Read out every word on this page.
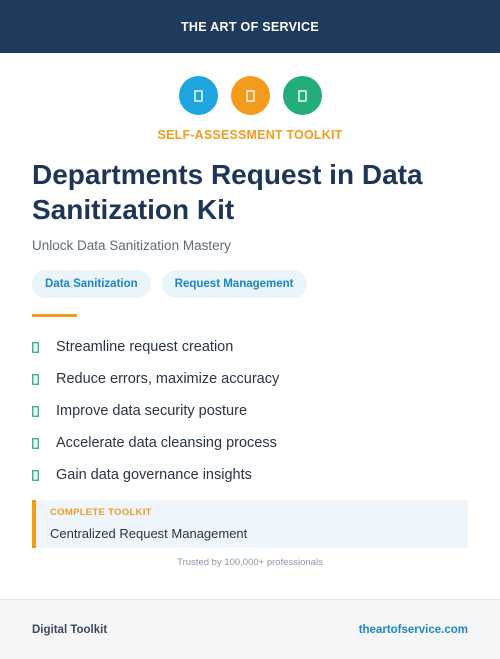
THE ART OF SERVICE
SELF-ASSESSMENT TOOLKIT
Departments Request in Data Sanitization Kit
Unlock Data Sanitization Mastery
Data Sanitization	Request Management
Streamline request creation
Reduce errors, maximize accuracy
Improve data security posture
Accelerate data cleansing process
Gain data governance insights
COMPLETE TOOLKIT
Centralized Request Management
Trusted by 100,000+ professionals
Digital Toolkit	theartofservice.com
